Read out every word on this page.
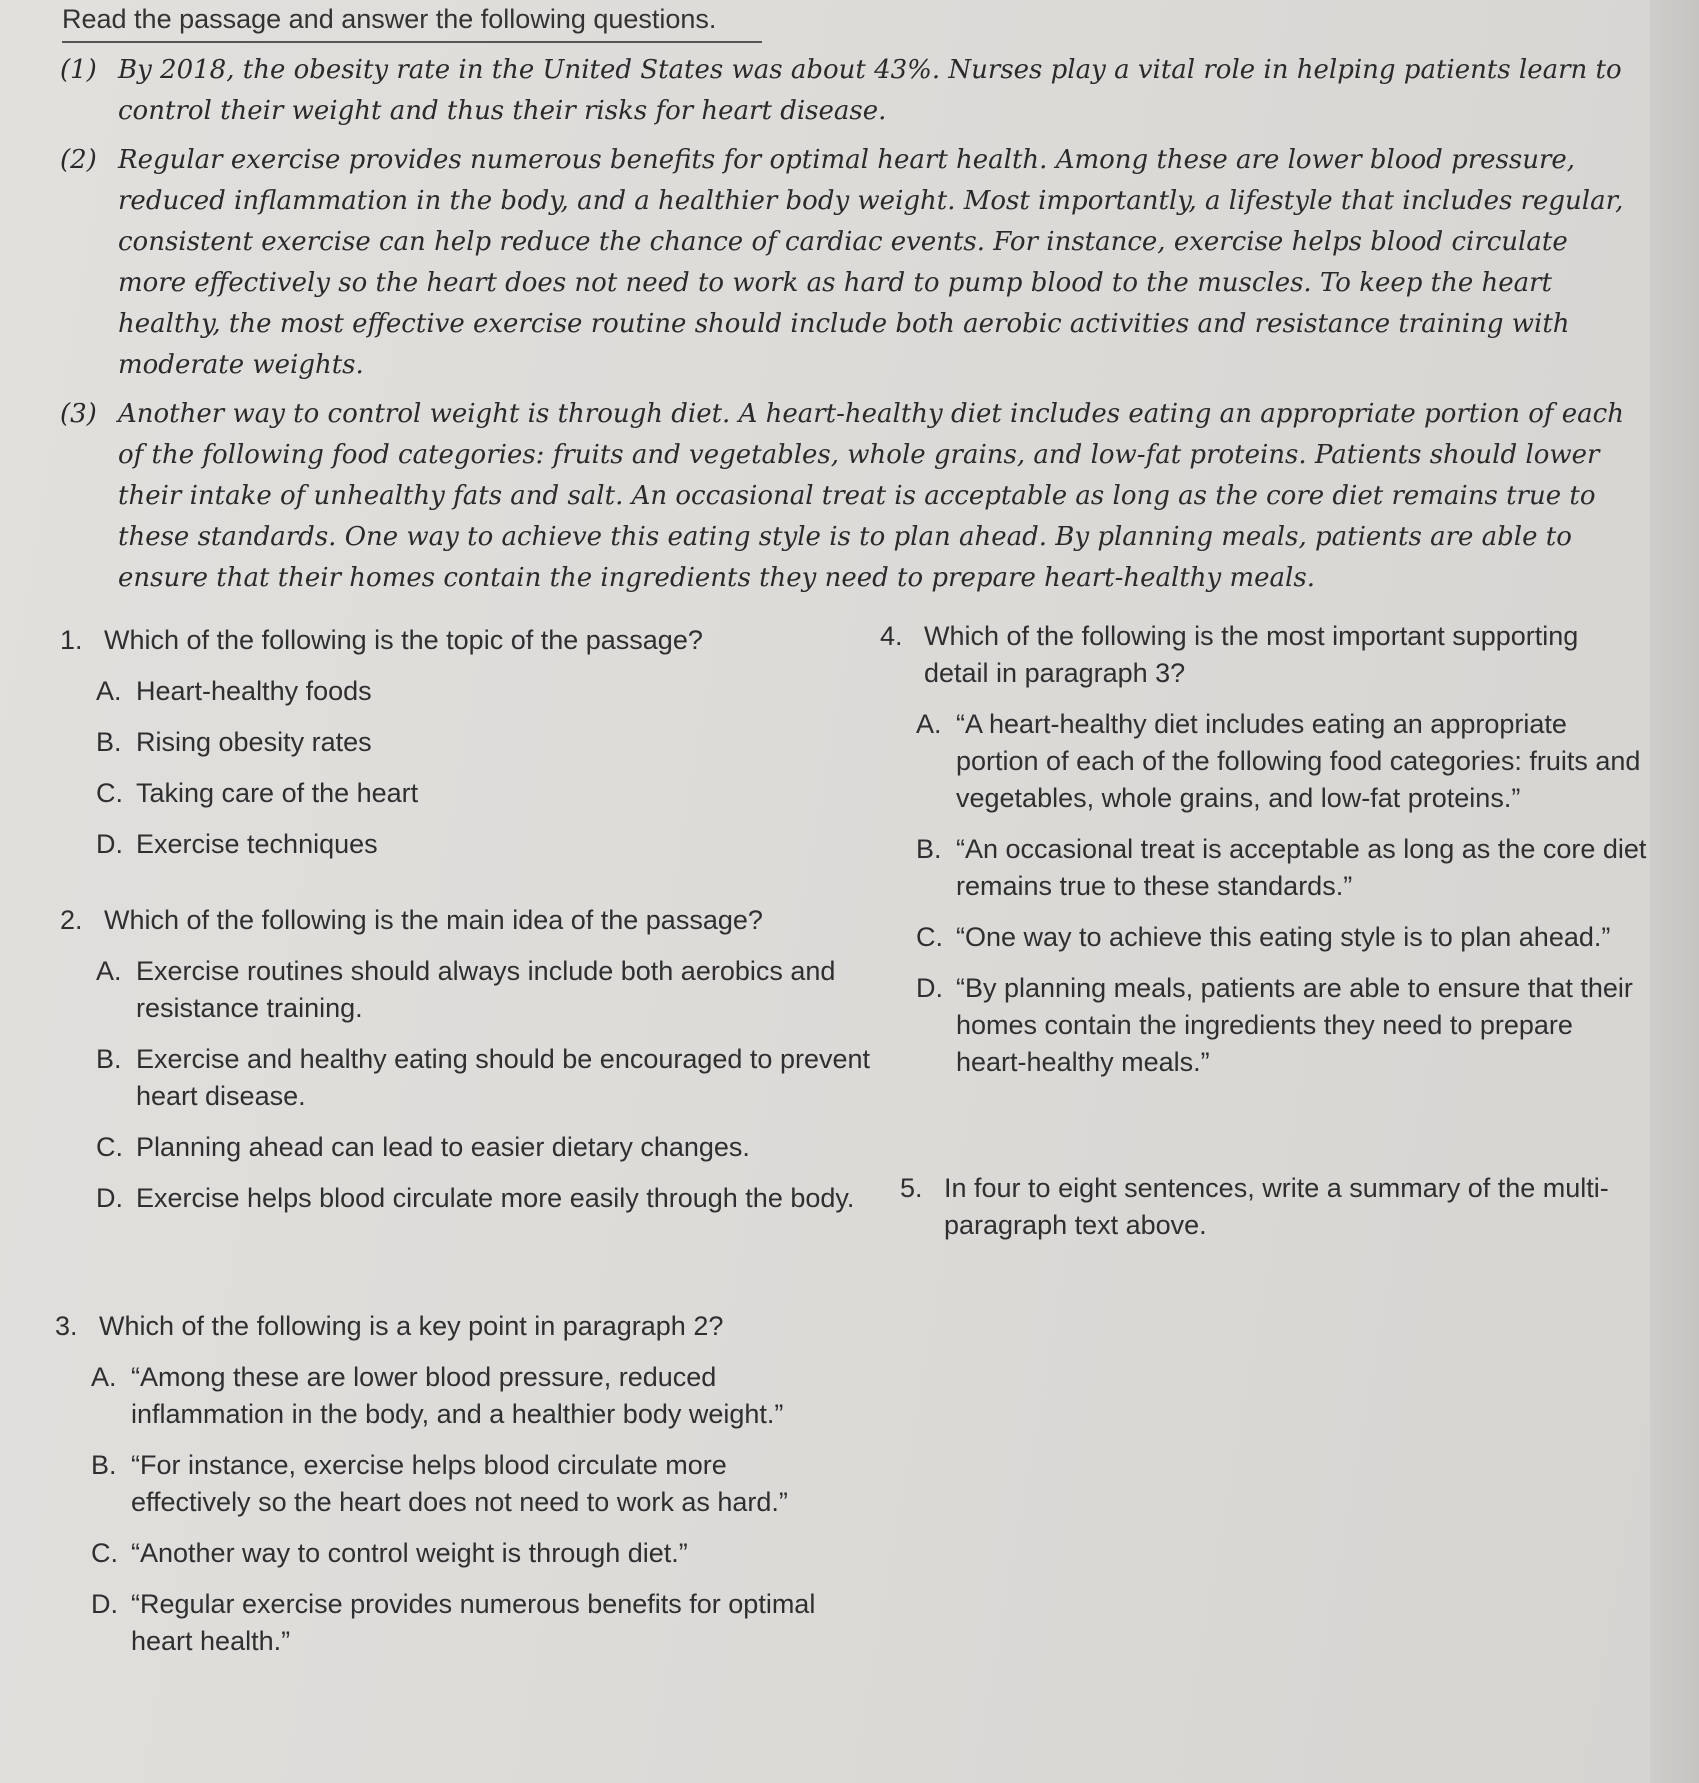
Read the passage and answer the following questions.
(1) By 2018, the obesity rate in the United States was about 43%. Nurses play a vital role in helping patients learn to control their weight and thus their risks for heart disease.
(2) Regular exercise provides numerous benefits for optimal heart health. Among these are lower blood pressure, reduced inflammation in the body, and a healthier body weight. Most importantly, a lifestyle that includes regular, consistent exercise can help reduce the chance of cardiac events. For instance, exercise helps blood circulate more effectively so the heart does not need to work as hard to pump blood to the muscles. To keep the heart healthy, the most effective exercise routine should include both aerobic activities and resistance training with moderate weights.
(3) Another way to control weight is through diet. A heart-healthy diet includes eating an appropriate portion of each of the following food categories: fruits and vegetables, whole grains, and low-fat proteins. Patients should lower their intake of unhealthy fats and salt. An occasional treat is acceptable as long as the core diet remains true to these standards. One way to achieve this eating style is to plan ahead. By planning meals, patients are able to ensure that their homes contain the ingredients they need to prepare heart-healthy meals.
1. Which of the following is the topic of the passage?
A. Heart-healthy foods
B. Rising obesity rates
C. Taking care of the heart
D. Exercise techniques
2. Which of the following is the main idea of the passage?
A. Exercise routines should always include both aerobics and resistance training.
B. Exercise and healthy eating should be encouraged to prevent heart disease.
C. Planning ahead can lead to easier dietary changes.
D. Exercise helps blood circulate more easily through the body.
3. Which of the following is a key point in paragraph 2?
A. “Among these are lower blood pressure, reduced inflammation in the body, and a healthier body weight.”
B. “For instance, exercise helps blood circulate more effectively so the heart does not need to work as hard.”
C. “Another way to control weight is through diet.”
D. “Regular exercise provides numerous benefits for optimal heart health.”
4. Which of the following is the most important supporting detail in paragraph 3?
A. “A heart-healthy diet includes eating an appropriate portion of each of the following food categories: fruits and vegetables, whole grains, and low-fat proteins.”
B. “An occasional treat is acceptable as long as the core diet remains true to these standards.”
C. “One way to achieve this eating style is to plan ahead.”
D. “By planning meals, patients are able to ensure that their homes contain the ingredients they need to prepare heart-healthy meals.”
5. In four to eight sentences, write a summary of the multi-paragraph text above.
